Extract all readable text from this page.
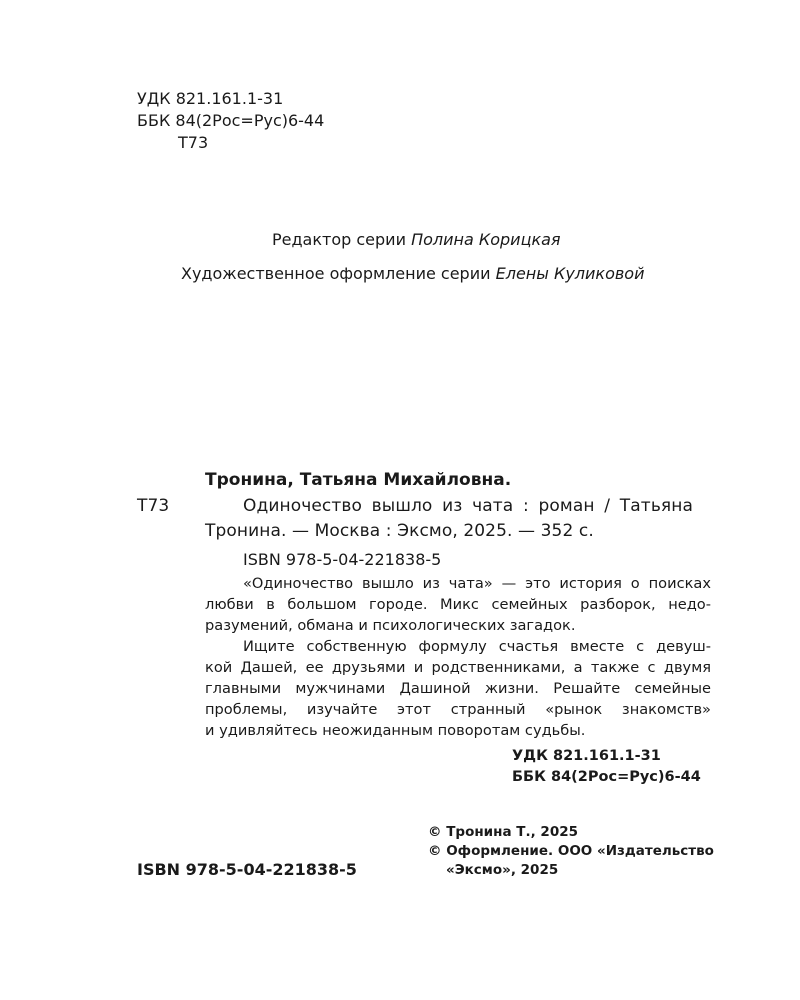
УДК 821.161.1-31
ББК 84(2Рос=Рус)6-44
Т73
Редактор серии Полина Корицкая
Художественное оформление серии Елены Куликовой
Тронина, Татьяна Михайловна.
Т73	Одиночество вышло из чата : роман / Татьяна
Тронина. — Москва : Эксмо, 2025. — 352 с.
ISBN 978-5-04-221838-5
«Одиночество вышло из чата» — это история о поисках
любви в большом городе. Микс семейных разборок, недо-
разумений, обмана и психологических загадок.
Ищите собственную формулу счастья вместе с девуш-
кой Дашей, ее друзьями и родственниками, а также с двумя
главными мужчинами Дашиной жизни. Решайте семейные
проблемы, изучайте этот странный «рынок знакомств»
и удивляйтесь неожиданным поворотам судьбы.
УДК 821.161.1-31
ББК 84(2Рос=Рус)6-44
© Тронина Т., 2025
© Оформление. ООО «Издательство
«Эксмо», 2025
ISBN 978-5-04-221838-5
